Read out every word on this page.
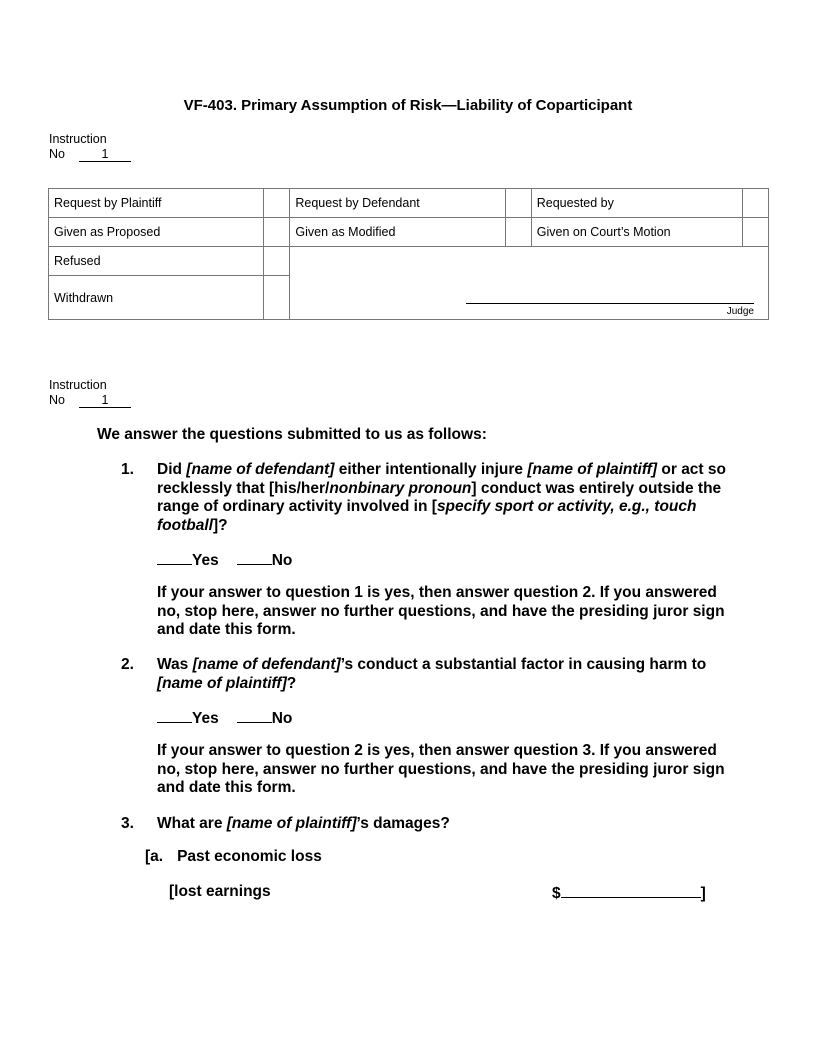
VF-403. Primary Assumption of Risk—Liability of Coparticipant
Instruction
No	1
Request by Plaintiff		Request by Defendant		Requested by	
Given as Proposed		Given as Modified		Given on Court’s Motion	
Refused		Judge			

Withdrawn					
Instruction
No	1
We answer the questions submitted to us as follows:
1. Did [name of defendant] either intentionally injure [name of plaintiff] or act so recklessly that [his/her/nonbinary pronoun] conduct was entirely outside the range of ordinary activity involved in [specify sport or activity, e.g., touch football]?
Yes	No
If your answer to question 1 is yes, then answer question 2. If you answered no, stop here, answer no further questions, and have the presiding juror sign and date this form.
2. Was [name of defendant]’s conduct a substantial factor in causing harm to [name of plaintiff]?
Yes	No
If your answer to question 2 is yes, then answer question 3. If you answered no, stop here, answer no further questions, and have the presiding juror sign and date this form.
3. What are [name of plaintiff]’s damages?
[a. Past economic loss
[lost earnings	$	]
